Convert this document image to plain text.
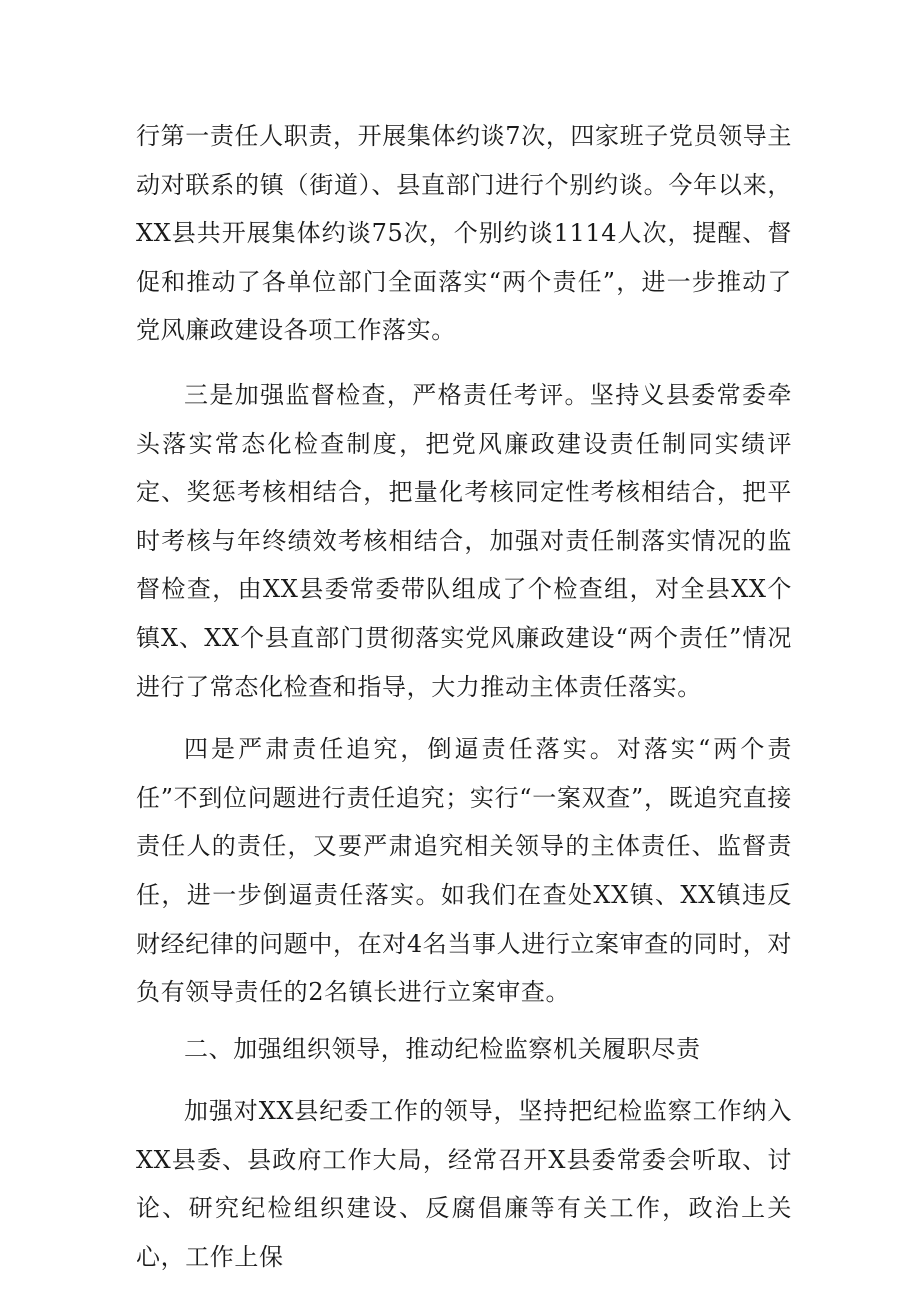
行第一责任人职责，开展集体约谈7次，四家班子党员领导主动对联系的镇（街道）、县直部门进行个别约谈。今年以来，XX县共开展集体约谈75次，个别约谈1114人次，提醒、督促和推动了各单位部门全面落实“两个责任”，进一步推动了党风廉政建设各项工作落实。

三是加强监督检查，严格责任考评。坚持义县委常委牵头落实常态化检查制度，把党风廉政建设责任制同实绩评定、奖惩考核相结合，把量化考核同定性考核相结合，把平时考核与年终绩效考核相结合，加强对责任制落实情况的监督检查，由XX县委常委带队组成了个检查组，对全县XX个镇X、XX个县直部门贯彻落实党风廉政建设“两个责任”情况进行了常态化检查和指导，大力推动主体责任落实。

四是严肃责任追究，倒逼责任落实。对落实“两个责任”不到位问题进行责任追究；实行“一案双查”，既追究直接责任人的责任，又要严肃追究相关领导的主体责任、监督责任，进一步倒逼责任落实。如我们在查处XX镇、XX镇违反财经纪律的问题中，在对4名当事人进行立案审查的同时，对负有领导责任的2名镇长进行立案审查。

二、加强组织领导，推动纪检监察机关履职尽责

加强对XX县纪委工作的领导，坚持把纪检监察工作纳入XX县委、县政府工作大局，经常召开X县委常委会听取、讨论、研究纪检组织建设、反腐倡廉等有关工作，政治上关心，工作上保
